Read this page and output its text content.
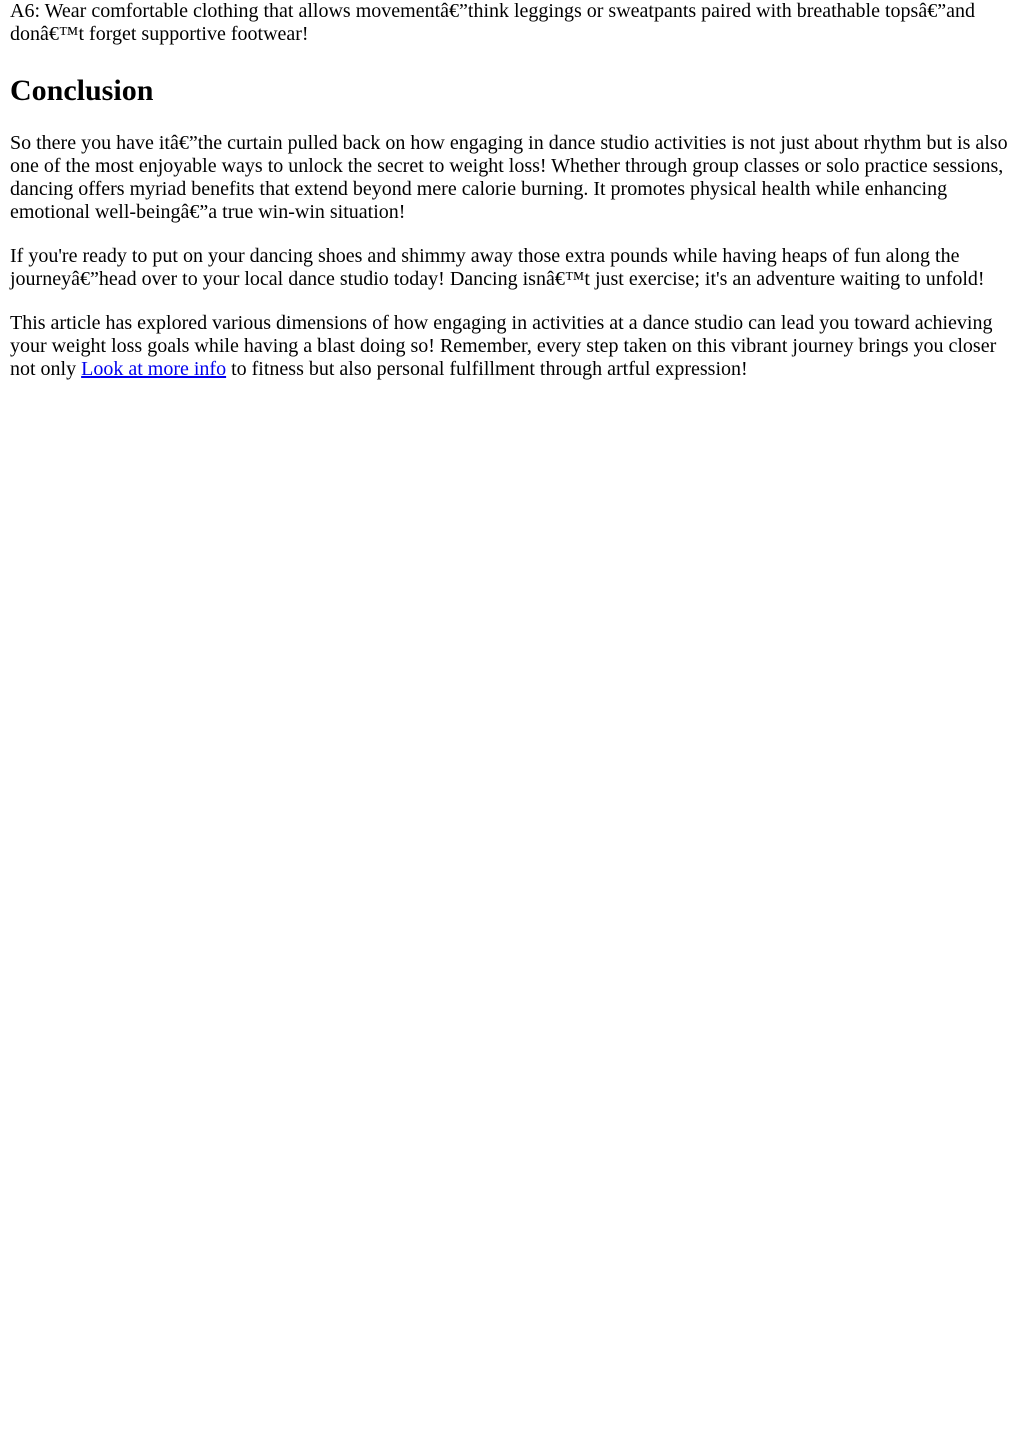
A6: Wear comfortable clothing that allows movementâ€”think leggings or sweatpants paired with breathable topsâ€”and donâ€™t forget supportive footwear!

Conclusion

So there you have itâ€”the curtain pulled back on how engaging in dance studio activities is not just about rhythm but is also one of the most enjoyable ways to unlock the secret to weight loss! Whether through group classes or solo practice sessions, dancing offers myriad benefits that extend beyond mere calorie burning. It promotes physical health while enhancing emotional well-beingâ€”a true win-win situation!

If you're ready to put on your dancing shoes and shimmy away those extra pounds while having heaps of fun along the journeyâ€”head over to your local dance studio today! Dancing isnâ€™t just exercise; it's an adventure waiting to unfold!

This article has explored various dimensions of how engaging in activities at a dance studio can lead you toward achieving your weight loss goals while having a blast doing so! Remember, every step taken on this vibrant journey brings you closer not only Look at more info to fitness but also personal fulfillment through artful expression!
